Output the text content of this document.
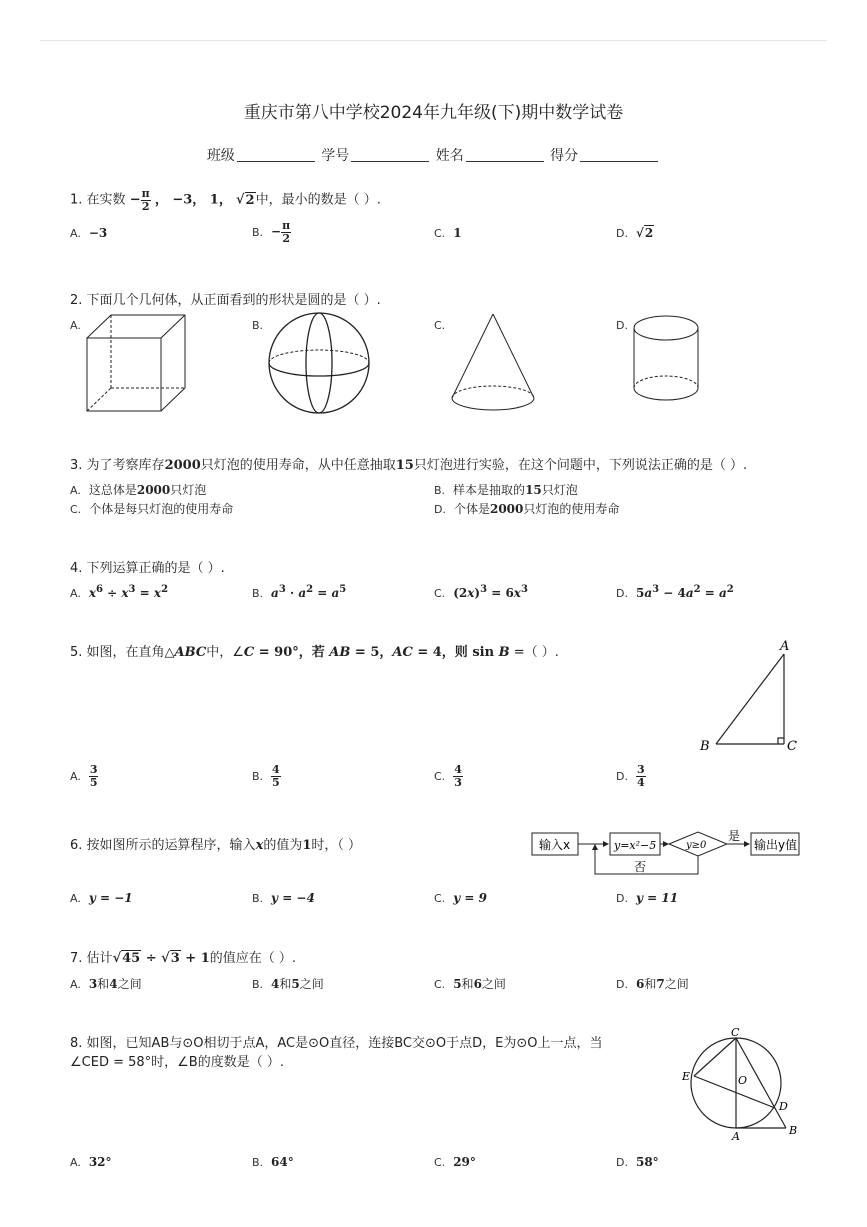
重庆市第八中学校2024年九年级(下)期中数学试卷
班级	学号	姓名	得分
1. 在实数 − $\frac{\pi}{2}$ ， −3， 1， √2中，最小的数是（ ）.
A. −3	B. − $\frac{\pi}{2}$	C. 1	D. √2
2. 下面几个几何体，从正面看到的形状是圆的是（ ）.
A.	B.	C.	D.
3. 为了考察库存2000只灯泡的使用寿命，从中任意抽取15只灯泡进行实验，在这个问题中，下列说法正确的是（ ）.
A. 这总体是2000只灯泡	B. 样本是抽取的15只灯泡
C. 个体是每只灯泡的使用寿命	D. 个体是2000只灯泡的使用寿命
4. 下列运算正确的是（ ）.
A. $x^6 \div x^3 = x^2$	B. $a^3 \cdot a^2 = a^5$	C. $(2x)^3 = 6x^3$	D. $5a^3 - 4a^2 = a^2$
5. 如图，在直角△ABC中，∠C = 90°，若 AB = 5，AC = 4，则 sin B =（ ）.	A
B	C
A. $\frac{3}{5}$	B. $\frac{4}{5}$	C. $\frac{4}{3}$	D. $\frac{3}{4}$
6. 按如图所示的运算程序，输入x的值为1时，（ ）	输入x	y=x²−5	y≥0	输出y值
是
否
A. y = −1	B. y = −4	C. y = 9	D. y = 11
7. 估计√45 ÷ √3 + 1的值应在（ ）.
A. 3和4之间	B. 4和5之间	C. 5和6之间	D. 6和7之间
8. 如图，已知AB与⊙O相切于点A，AC是⊙O直径，连接BC交⊙O于点D，E为⊙O上一点，当
∠CED = 58°时，∠B的度数是（ ）.
C
O
E
D
A	B
A. 32°	B. 64°	C. 29°	D. 58°
